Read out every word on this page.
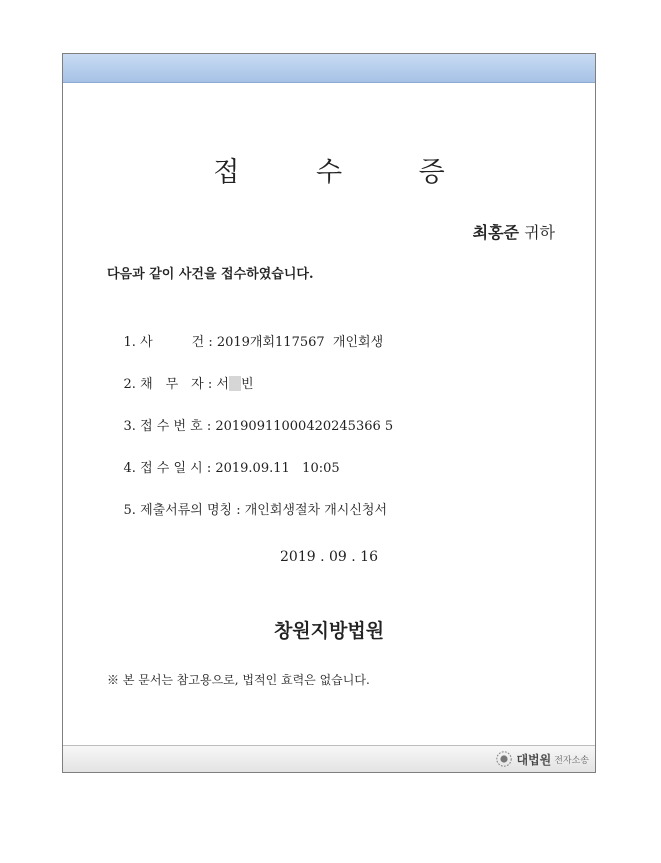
접 수 증
최홍준 귀하
다음과 같이 사건을 접수하였습니다.

1. 사　　　건 : 2019개회117567  개인회생

2. 채　무　자 : 서 빈

3. 접 수 번 호 : 20190911000420245366 5

4. 접 수 일 시 : 2019.09.11   10:05

5. 제출서류의 명칭 : 개인회생절차 개시신청서

2019 . 09 . 16
창원지방법원
※ 본 문서는 참고용으로, 법적인 효력은 없습니다.
대법원 전자소송
